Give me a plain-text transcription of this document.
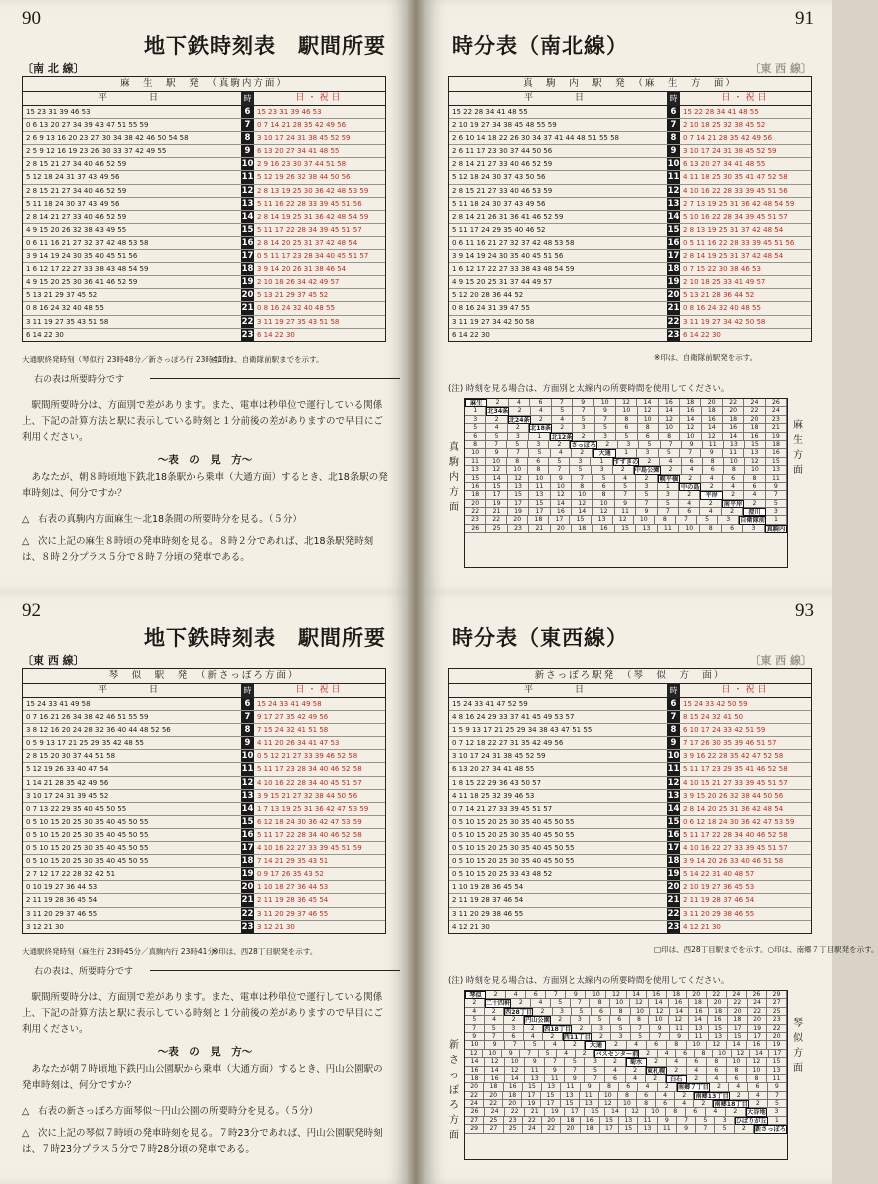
90
地下鉄時刻表　駅間所要
〔南 北 線〕
麻　生　駅　発　（真駒内方面）
平　　日	時	日・祝日
15 23 31 39 46 53	6 15 23 31 39 46 53
0 6 13 20 27 34 39 43 47 51 55 59	7 0 7 14 21 28 35 42 49 56
2 6 9 13 16 20 23 27 30 34 38 42 46 50 54 58	8 3 10 17 24 31 38 45 52 59
2 5 9 12 16 19 23 26 30 33 37 42 49 55	9 6 13 20 27 34 41 48 55
2 8 15 21 27 34 40 46 52 59	10 2 9 16 23 30 37 44 51 58
5 12 18 24 31 37 43 49 56	11 5 12 19 26 32 38 44 50 56
2 8 15 21 27 34 40 46 52 59	12 2 8 13 19 25 30 36 42 48 53 59
5 11 18 24 30 37 43 49 56	13 5 11 16 22 28 33 39 45 51 56
2 8 14 21 27 33 40 46 52 59	14 2 8 14 19 25 31 36 42 48 54 59
4 9 15 20 26 32 38 43 49 55	15 5 11 17 22 28 34 39 45 51 57
0 6 11 16 21 27 32 37 42 48 53 58	16 2 8 14 20 25 31 37 42 48 54
3 9 14 19 24 30 35 40 45 51 56	17 0 5 11 17 23 28 34 40 45 51 57
1 6 12 17 22 27 33 38 43 48 54 59	18 3 9 14 20 26 31 38 46 54
4 9 15 20 25 30 36 41 46 52 59	19 2 10 18 26 34 42 49 57
5 13 21 29 37 45 52	20 5 13 21 29 37 45 52
0 8 16 24 32 40 48 55	21 0 8 16 24 32 40 48 55
3 11 19 27 35 43 51 58	22 3 11 19 27 35 43 51 58
6 14 22 30	23 6 14 22 30
大通駅終発時刻（琴似行 23時48分／新さっぽろ行 23時41分）
□印は、自衛隊前駅までを示す。
右の表は所要時分です
駅間所要時分は、方面別で差があります。また、電車は秒単位で運行している関係上、下記の計算方法と駅に表示している時刻と１分前後の差がありますので早目にご利用ください。
～表　の　見　方～
あなたが、朝８時頃地下鉄北18条駅から乗車（大通方面）するとき、北18条駅の発車時刻は、何分ですか？
△ 右表の真駒内方面麻生～北18条間の所要時分を見る。（５分）
△ 次に上記の麻生８時頃の発車時刻を見る。８時２分であれば、北18条駅発時刻は、８時２分プラス５分で８時７分頃の発車である。
91
時分表（南北線）
〔東 西 線〕
真　駒　内　駅　発　（麻　生　方　面）
平　　日	時	日・祝日
15 22 28 34 41 48 55	6 15 22 28 34 41 48 55
2 10 19 27 34 38 45 48 55 59	7 2 10 18 25 32 38 45 52
2 6 10 14 18 22 26 30 34 37 41 44 48 51 55 58	8 0 7 14 21 28 35 42 49 56
2 6 11 17 23 30 37 44 50 56	9 3 10 17 24 31 38 45 52 59
2 8 14 21 27 33 40 46 52 59	10 6 13 20 27 34 41 48 55
5 12 18 24 30 37 43 50 56	11 4 11 18 25 30 35 41 47 52 58
2 8 15 21 27 33 40 46 53 59	12 4 10 16 22 28 33 39 45 51 56
5 11 18 24 30 37 43 49 56	13 2 7 13 19 25 31 36 42 48 54 59
2 8 14 21 26 31 36 41 46 52 59	14 5 10 16 22 28 34 39 45 51 57
5 11 17 24 29 35 40 46 52	15 2 8 13 19 25 31 37 42 48 54
0 6 11 16 21 27 32 37 42 48 53 58	16 0 5 11 16 22 28 33 39 45 51 56
3 9 14 19 24 30 35 40 45 51 56	17 2 8 14 19 25 31 37 42 48 54
1 6 12 17 22 27 33 38 43 48 54 59	18 0 7 15 22 30 38 46 53
4 9 15 20 25 31 37 44 49 57	19 2 10 18 25 33 41 49 57
5 12 20 28 36 44 52	20 5 13 21 28 36 44 52
0 8 16 24 31 39 47 55	21 0 8 16 24 32 40 48 55
3 11 19 27 34 42 50 58	22 3 11 19 27 34 42 50 58
6 14 22 30	23 6 14 22 30
※印は、自衛隊前駅発を示す。
(注) 時刻を見る場合は、方面別と太線内の所要時間を使用してください。
麻生	2	4	6	7	9	10	12	14	16	18	20	22	24	26
1	北34条	2	4	5	7	9	10	12	14	16	18	20	22	24
3	2	北24条	2	4	5	7	8	10	12	14	16	18	20	23
5	4	2	北18条	2	3	5	6	8	10	12	14	16	18	21
6	5	3	1	北12条	2	3	5	6	8	10	12	14	16	19
8	7	5	3	2	さっぽろ	2	3	5	7	9	11	13	15	18
10	9	7	5	4	2	大通	1	3	5	7	9	11	13	16
11	10	8	6	5	3	1	すすきの	2	4	6	8	10	12	15
13	12	10	8	7	5	3	2	中島公園	2	4	6	8	10	13
15	14	12	10	9	7	5	4	2	幌平橋	2	4	6	8	11
16	15	13	11	10	8	6	5	3	1	中の島	2	4	6	9
18	17	15	13	12	10	8	7	5	3	2	平岸	2	4	7
20	19	17	15	14	12	10	9	7	5	4	2	南平岸	2	5
22	21	19	17	16	14	12	11	9	7	6	4	2	澄川	3
23	22	20	18	17	15	13	12	10	8	7	5	3	自衛隊前	1
26	25	23	21	20	18	16	15	13	11	10	8	6	3	真駒内
麻生方面
真駒内方面
92
地下鉄時刻表　駅間所要
〔東 西 線〕
琴　似　駅　発　（新さっぽろ方面）
平　　日	時	日・祝日
15 24 33 41 49 58	6 15 24 33 41 49 58
0 7 16 21 26 34 38 42 46 51 55 59	7 9 17 27 35 42 49 56
3 8 12 16 20 24 28 32 36 40 44 48 52 56	8 7 15 24 32 41 51 58
0 5 9 13 17 21 25 29 35 42 48 55	9 4 11 20 26 34 41 47 53
2 8 15 20 30 37 44 51 58	10 0 5 12 21 27 33 39 46 52 58
5 12 19 26 33 40 47 54	11 5 11 17 23 28 34 40 46 52 58
1 14 21 28 35 42 49 56	12 4 10 16 22 28 34 40 45 51 57
3 10 17 24 31 39 45 52	13 3 9 15 21 27 32 38 44 50 56
0 7 13 22 29 35 40 45 50 55	14 1 7 13 19 25 31 36 42 47 53 59
0 5 10 15 20 25 30 35 40 45 50 55	15 6 12 18 24 30 36 42 47 53 59
0 5 10 15 20 25 30 35 40 45 50 55	16 5 11 17 22 28 34 40 46 52 58
0 5 10 15 20 25 30 35 40 45 50 55	17 4 10 16 22 27 33 39 45 51 59
0 5 10 15 20 25 30 35 40 45 50 55	18 7 14 21 29 35 43 51
2 7 12 17 22 28 32 42 51	19 0 9 17 26 35 43 52
0 10 19 27 36 44 53	20 1 10 18 27 36 44 53
2 11 19 28 36 45 54	21 2 11 19 28 36 45 54
3 11 20 29 37 46 55	22 3 11 20 29 37 46 55
3 12 21 30	23 3 12 21 30
大通駅終発時刻（麻生行 23時45分／真駒内行 23時41分）
※印は、西28丁目駅発を示す。
右の表は、所要時分です
駅間所要時分は、方面別で差があります。また、電車は秒単位で運行している関係上、下記の計算方法と駅に表示している時刻と１分前後の差がありますので早目にご利用ください。
～表　の　見　方～
あなたが朝７時頃地下鉄円山公園駅から乗車（大通方面）するとき、円山公園駅の発車時刻は、何分ですか？
△ 右表の新さっぽろ方面琴似～円山公園の所要時分を見る。（５分）
△ 次に上記の琴似７時頃の発車時刻を見る。７時23分であれば、円山公園駅発時刻は、７時23分プラス５分で７時28分頃の発車である。
93
時分表（東西線）
〔東 西 線〕
新さっぽろ駅発　（琴　似　方　面）
平　　日	時	日・祝日
15 24 33 41 47 52 59	6 15 24 33 42 50 59
4 8 16 24 29 33 37 41 45 49 53 57	7 8 15 24 32 41 50
1 5 9 13 17 21 25 29 34 38 43 47 51 55	8 6 10 17 24 33 42 51 59
0 7 12 18 22 27 31 35 42 49 56	9 7 17 26 30 35 39 46 51 57
3 10 17 24 31 38 45 52 59	10 3 9 16 22 28 35 42 47 52 58
6 13 20 27 34 41 48 55	11 5 11 17 23 29 35 41 46 52 58
1 8 15 22 29 36 43 50 57	12 4 10 15 21 27 33 39 45 51 57
4 11 18 25 32 39 46 53	13 3 9 15 20 26 32 38 44 50 56
0 7 14 21 27 33 39 45 51 57	14 2 8 14 20 25 31 36 42 48 54
0 5 10 15 20 25 30 35 40 45 50 55	15 0 6 12 18 24 30 36 42 47 53 59
0 5 10 15 20 25 30 35 40 45 50 55	16 5 11 17 22 28 34 40 46 52 58
0 5 10 15 20 25 30 35 40 45 50 55	17 4 10 16 22 27 33 39 45 51 57
0 5 10 15 20 25 30 35 40 45 50 55	18 3 9 14 20 26 33 40 46 51 58
0 5 10 15 20 25 33 43 48 52	19 5 14 22 31 40 48 57
1 10 19 28 36 45 54	20 2 10 19 27 36 45 53
2 11 19 28 37 46 54	21 2 11 19 28 37 46 54
3 11 20 29 38 46 55	22 3 11 20 29 38 46 55
4 12 21 30	23 4 12 21 30
□印は、西28丁目駅までを示す。○印は、南郷７丁目駅発を示す。
(注) 時刻を見る場合は、方面別と太線内の所要時間を使用してください。
琴似	2	4	6	7	9	10	12	14	16	18	20	22	24	26	29
2	二十四軒	2	4	5	7	8	10	12	14	16	18	20	22	24	27
4	2	西28丁目	2	3	5	6	8	10	12	14	16	18	20	22	25
5	4	2	円山公園	2	3	5	6	8	10	12	14	16	18	20	23
7	5	3	2	西18丁目	2	3	5	7	9	11	13	15	17	19	22
9	7	6	4	2	西11丁目	2	3	5	7	9	11	13	15	17	20
10	9	7	5	4	2	大通	2	4	6	8	10	12	14	16	19
12	10	9	7	5	4	2	バスセンター前	2	4	6	8	10	12	14	17
14	12	10	9	7	5	3	2	菊水	2	4	6	8	10	12	15
16	14	12	11	9	7	5	4	2	東札幌	2	4	6	8	10	13
18	16	14	13	11	9	7	6	4	2	白石	2	4	6	8	11
20	18	16	15	13	11	9	8	6	4	2	南郷７丁目	2	4	6	9
22	20	18	17	15	13	11	10	8	6	4	2	南郷13丁目	2	4	7
24	22	20	19	17	15	13	12	10	8	6	4	2	南郷18丁目	2	5
26	24	22	21	19	17	15	14	12	10	8	6	4	2	大谷地	3
27	25	23	22	20	18	16	15	13	11	9	7	5	3	ひばりが丘	1
29	27	25	24	22	20	18	17	15	13	11	9	7	5	2	新さっぽろ
琴似方面
新さっぽろ方面
